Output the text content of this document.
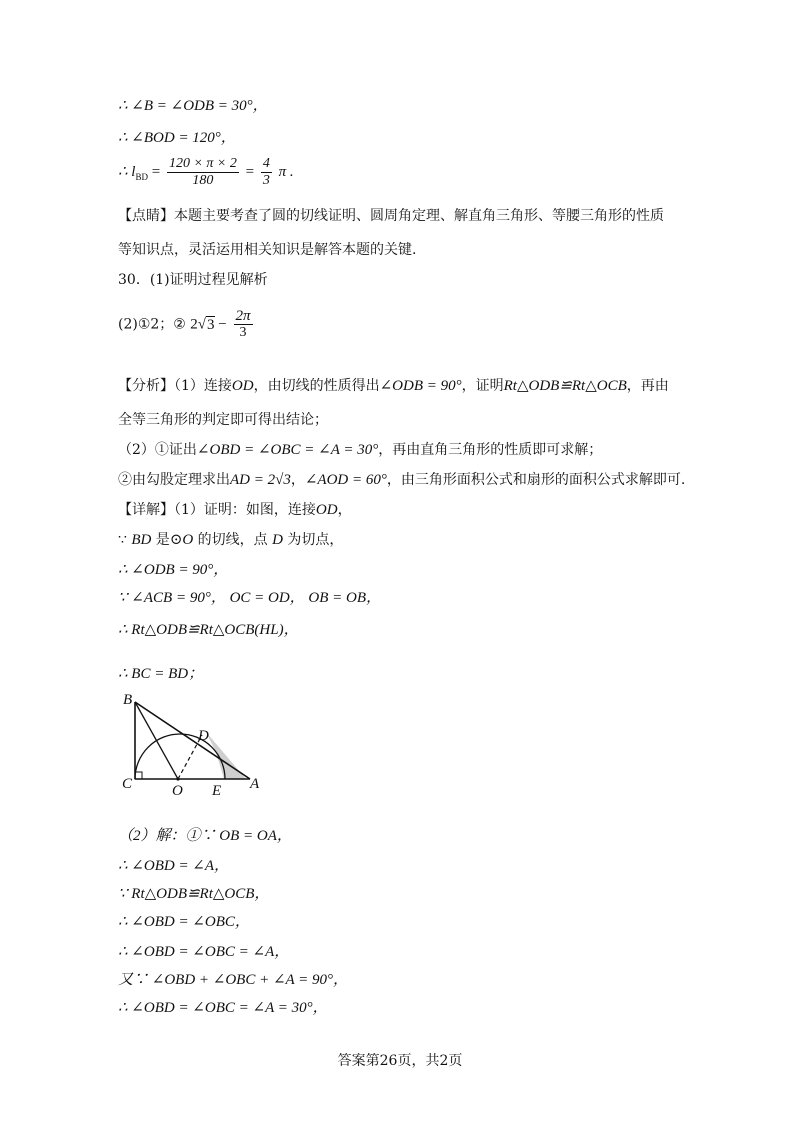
∴ ∠B = ∠ODB = 30°，
∴ ∠BOD = 120°，
∴ $l_{BD} = \frac{120 \times \pi \times 2}{180} = \frac{4}{3}$ π .
【点睛】本题主要考查了圆的切线证明、圆周角定理、解直角三角形、等腰三角形的性质
等知识点，灵活运用相关知识是解答本题的关键.
30．(1)证明过程见解析
(2)①2；② $2√3 - \frac{2\pi}{3}$
【分析】（1）连接OD，由切线的性质得出∠ODB = 90°，证明Rt△ODB≌Rt△OCB，再由
全等三角形的判定即可得出结论；
（2）①证出∠OBD = ∠OBC = ∠A = 30°，再由直角三角形的性质即可求解；
②由勾股定理求出AD = 2√3，∠AOD = 60°，由三角形面积公式和扇形的面积公式求解即可.
【详解】（1）证明：如图，连接OD，
∵ BD 是⊙O 的切线，点 D 为切点，
∴ ∠ODB = 90°，
∵ ∠ACB = 90°， OC = OD， OB = OB，
∴ Rt△ODB≌Rt△OCB(HL)，
∴ BC = BD；
B
D
C	O E A
（2）解：①∵ OB = OA，
∴ ∠OBD = ∠A，
∵ Rt△ODB≌Rt△OCB，
∴ ∠OBD = ∠OBC，
∴ ∠OBD = ∠OBC = ∠A，
又∵ ∠OBD + ∠OBC + ∠A = 90°，
∴ ∠OBD = ∠OBC = ∠A = 30°，
答案第26页，共2页
